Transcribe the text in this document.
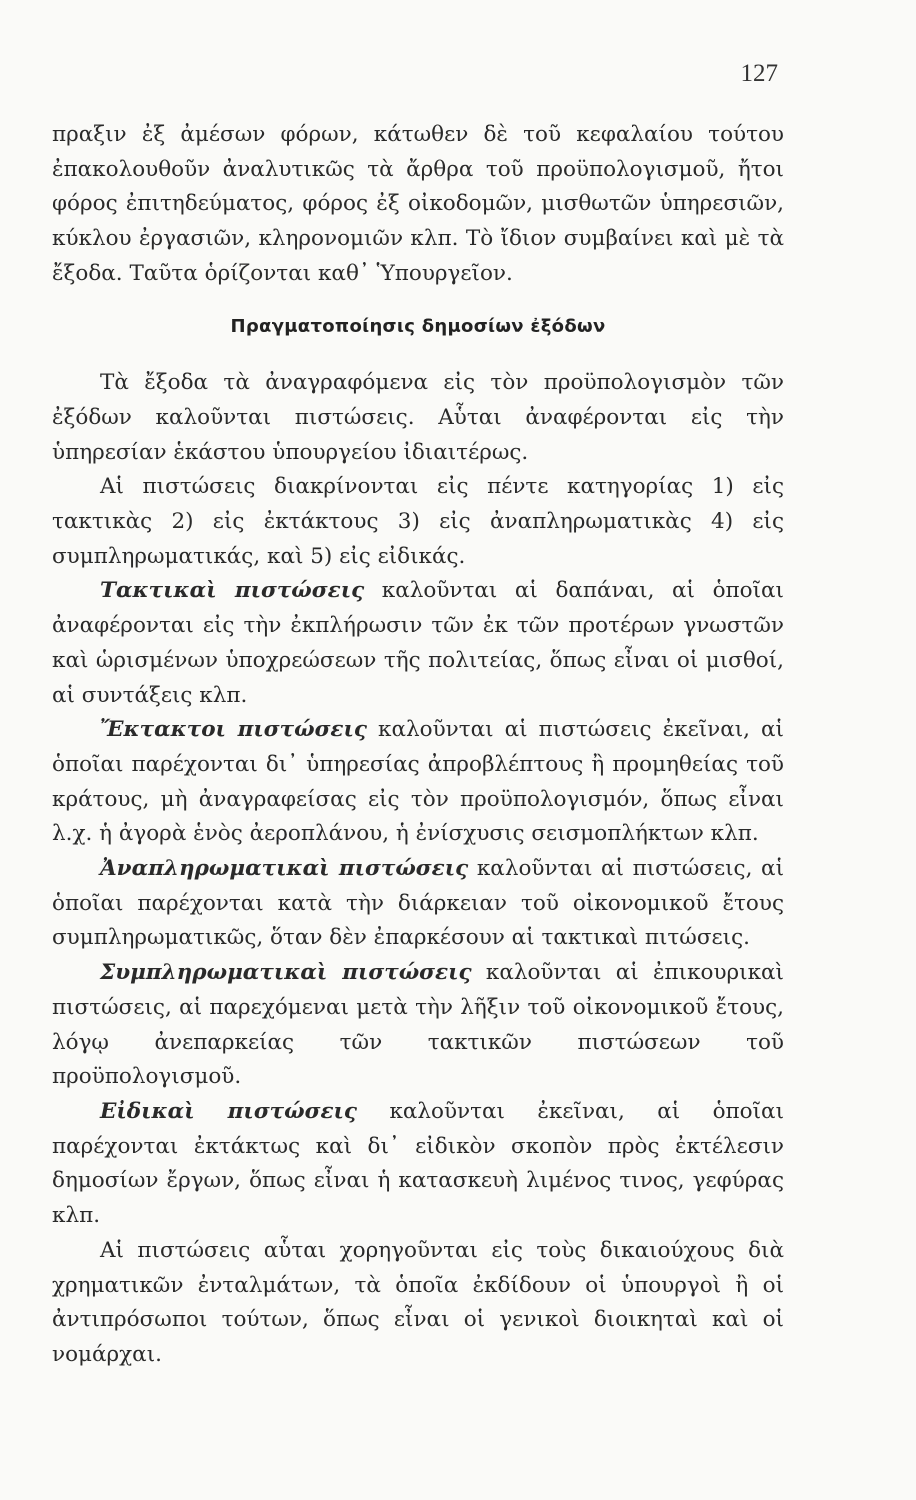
127

πραξιν ἐξ ἀμέσων φόρων, κάτωθεν δὲ τοῦ κεφαλαίου τούτου ἐπακολουθοῦν ἀναλυτικῶς τὰ ἄρθρα τοῦ προϋπολογισμοῦ, ἤτοι φόρος ἐπιτηδεύματος, φόρος ἐξ οἰκοδομῶν, μισθωτῶν ὑπηρεσιῶν, κύκλου ἐργασιῶν, κληρονομιῶν κλπ. Τὸ ἴδιον συμβαίνει καὶ μὲ τὰ ἔξοδα. Ταῦτα ὁρίζονται καθ᾽ Ὑπουργεῖον.

Πραγματοποίησις δημοσίων ἐξόδων

Τὰ ἔξοδα τὰ ἀναγραφόμενα εἰς τὸν προϋπολογισμὸν τῶν ἐξόδων καλοῦνται πιστώσεις. Αὗται ἀναφέρονται εἰς τὴν ὑπηρεσίαν ἑκάστου ὑπουργείου ἰδιαιτέρως.

Αἱ πιστώσεις διακρίνονται εἰς πέντε κατηγορίας 1) εἰς τακτικὰς 2) εἰς ἐκτάκτους 3) εἰς ἀναπληρωματικὰς 4) εἰς συμπληρωματικάς, καὶ 5) εἰς εἰδικάς.

Τακτικαὶ πιστώσεις καλοῦνται αἱ δαπάναι, αἱ ὁποῖαι ἀναφέρονται εἰς τὴν ἐκπλήρωσιν τῶν ἐκ τῶν προτέρων γνωστῶν καὶ ὡρισμένων ὑποχρεώσεων τῆς πολιτείας, ὅπως εἶναι οἱ μισθοί, αἱ συντάξεις κλπ.

Ἔκτακτοι πιστώσεις καλοῦνται αἱ πιστώσεις ἐκεῖναι, αἱ ὁποῖαι παρέχονται δι᾽ ὑπηρεσίας ἀπροβλέπτους ἢ προμηθείας τοῦ κράτους, μὴ ἀναγραφείσας εἰς τὸν προϋπολογισμόν, ὅπως εἶναι λ.χ. ἡ ἀγορὰ ἑνὸς ἀεροπλάνου, ἡ ἐνίσχυσις σεισμοπλήκτων κλπ.

Ἀναπληρωματικαὶ πιστώσεις καλοῦνται αἱ πιστώσεις, αἱ ὁποῖαι παρέχονται κατὰ τὴν διάρκειαν τοῦ οἰκονομικοῦ ἔτους συμπληρωματικῶς, ὅταν δὲν ἐπαρκέσουν αἱ τακτικαὶ πιτώσεις.

Συμπληρωματικαὶ πιστώσεις καλοῦνται αἱ ἐπικουρικαὶ πιστώσεις, αἱ παρεχόμεναι μετὰ τὴν λῆξιν τοῦ οἰκονομικοῦ ἔτους, λόγῳ ἀνεπαρκείας τῶν τακτικῶν πιστώσεων τοῦ προϋπολογισμοῦ.

Εἰδικαὶ πιστώσεις καλοῦνται ἐκεῖναι, αἱ ὁποῖαι παρέχονται ἐκτάκτως καὶ δι᾽ εἰδικὸν σκοπὸν πρὸς ἐκτέλεσιν δημοσίων ἔργων, ὅπως εἶναι ἡ κατασκευὴ λιμένος τινος, γεφύρας κλπ.

Αἱ πιστώσεις αὗται χορηγοῦνται εἰς τοὺς δικαιούχους διὰ χρηματικῶν ἐνταλμάτων, τὰ ὁποῖα ἐκδίδουν οἱ ὑπουργοὶ ἢ οἱ ἀντιπρόσωποι τούτων, ὅπως εἶναι οἱ γενικοὶ διοικηταὶ καὶ οἱ νομάρχαι.
